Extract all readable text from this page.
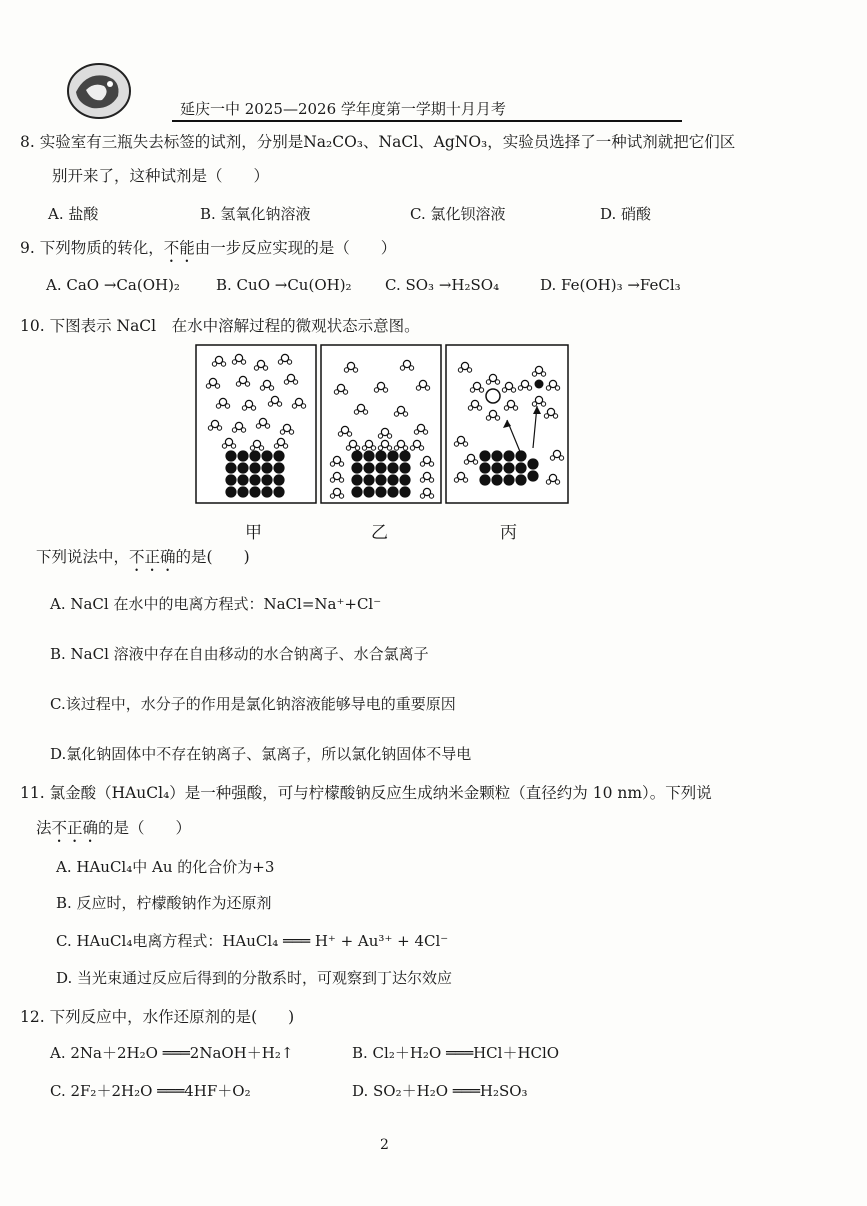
延庆一中 2025—2026 学年度第一学期十月月考
8. 实验室有三瓶失去标签的试剂，分别是Na₂CO₃、NaCl、AgNO₃，实验员选择了一种试剂就把它们区
别开来了，这种试剂是（　　）
A. 盐酸	B. 氢氧化钠溶液	C. 氯化钡溶液	D. 硝酸
9. 下列物质的转化，不能由一步反应实现的是（　　）
A. CaO →Ca(OH)₂ B. CuO →Cu(OH)₂ C. SO₃ →H₂SO₄	D. Fe(OH)₃ →FeCl₃
10. 下图表示 NaCl　在水中溶解过程的微观状态示意图。
甲	乙	丙
下列说法中，不正确的是(　　)
A. NaCl 在水中的电离方程式：NaCl=Na⁺+Cl⁻
B. NaCl 溶液中存在自由移动的水合钠离子、水合氯离子
C.该过程中，水分子的作用是氯化钠溶液能够导电的重要原因
D.氯化钠固体中不存在钠离子、氯离子，所以氯化钠固体不导电
11. 氯金酸（HAuCl₄）是一种强酸，可与柠檬酸钠反应生成纳米金颗粒（直径约为 10 nm）。下列说
法不正确的是（　　）
A. HAuCl₄中 Au 的化合价为+3
B. 反应时，柠檬酸钠作为还原剂
C. HAuCl₄电离方程式：HAuCl₄ ═══ H⁺ + Au³⁺ + 4Cl⁻
D. 当光束通过反应后得到的分散系时，可观察到丁达尔效应
12. 下列反应中，水作还原剂的是(　　)
A. 2Na＋2H₂O ═══2NaOH＋H₂↑	B. Cl₂＋H₂O ═══HCl＋HClO
C. 2F₂＋2H₂O ═══4HF＋O₂	D. SO₂＋H₂O ═══H₂SO₃
2
